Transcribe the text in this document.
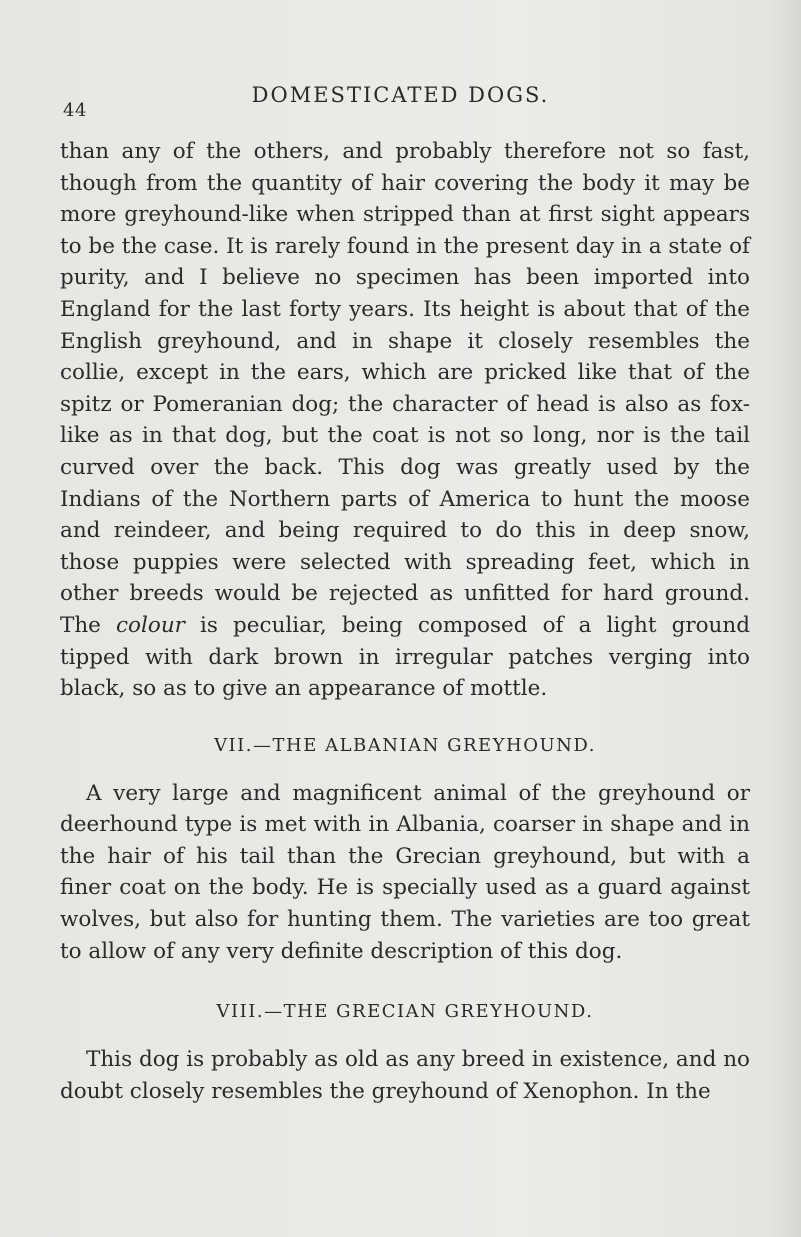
44
DOMESTICATED DOGS.

than any of the others, and probably therefore not so fast, though from the quantity of hair covering the body it may be more greyhound-like when stripped than at first sight appears to be the case. It is rarely found in the present day in a state of purity, and I believe no specimen has been imported into England for the last forty years. Its height is about that of the English greyhound, and in shape it closely resembles the collie, except in the ears, which are pricked like that of the spitz or Pomeranian dog; the character of head is also as fox-like as in that dog, but the coat is not so long, nor is the tail curved over the back. This dog was greatly used by the Indians of the Northern parts of America to hunt the moose and reindeer, and being required to do this in deep snow, those puppies were selected with spreading feet, which in other breeds would be rejected as unfitted for hard ground. The colour is peculiar, being composed of a light ground tipped with dark brown in irregular patches verging into black, so as to give an appearance of mottle.

VII.—THE ALBANIAN GREYHOUND.

A very large and magnificent animal of the greyhound or deerhound type is met with in Albania, coarser in shape and in the hair of his tail than the Grecian greyhound, but with a finer coat on the body. He is specially used as a guard against wolves, but also for hunting them. The varieties are too great to allow of any very definite description of this dog.

VIII.—THE GRECIAN GREYHOUND.

This dog is probably as old as any breed in existence, and no doubt closely resembles the greyhound of Xenophon. In the
